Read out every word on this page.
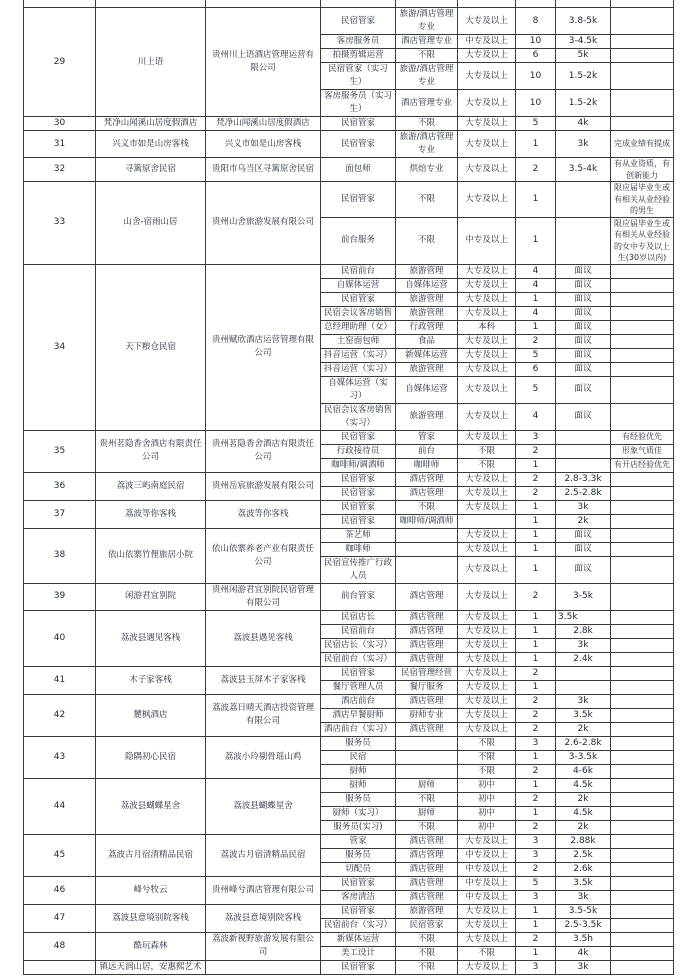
29	川上语	贵州川上语酒店管理运营有限公司	民宿管家	旅游/酒店管理专业	大专及以上	8	3.8-5k	
			客房服务员	酒店管理专业	中专及以上	10	3-4.5k	
			拍摄剪辑运营	不限	大专及以上	6	5k	
			民宿管家（实习生）	旅游/酒店管理专业	大专及以上	10	1.5-2k	
			客房服务员（实习生）	酒店管理专业	大专及以上	10	1.5-2k	
30	梵净山闻溪山居度假酒店	梵净山闻溪山居度假酒店	民宿管家	不限	大专及以上	5	4k	
31	兴义市如是山房客栈	兴义市如是山房客栈	民宿管家	旅游/酒店管理专业	大专及以上	1	3k	完成业绩有提成
32	寻篱原舍民宿	贵阳市乌当区寻篱原舍民宿	面包师	烘焙专业	大专及以上	2	3.5-4k	有从业资质，有创新能力
33	山舍-宿雨山居	贵州山舍旅游发展有限公司	民宿管家	不限	大专及以上	1		限应届毕业生或有相关从业经验的男生
			前台服务	不限	中专及以上	1		限应届毕业生或有相关从业经验的女中专及以上生(30岁以内)
34	天下粮仓民宿	贵州赋欣酒店运营管理有限公司	民宿前台	旅游管理	大专及以上	4	面议	
			自媒体运营	自媒体运营	大专及以上	4	面议	
			民宿管家	旅游管理	大专及以上	1	面议	
			民宿会议客房销售	旅游管理	大专及以上	4	面议	
			总经理助理（女）	行政管理	本科	1	面议	
			土窑面包师	食品	大专及以上	2	面议	
			抖音运营（实习）	新媒体运营	大专及以上	5	面议	
			抖音运营（实习）	旅游管理	大专及以上	6	面议	
			自媒体运营（实习）	自媒体运营	大专及以上	5	面议	
			民宿会议客房销售（实习）	旅游管理	大专及以上	4	面议	
35	贵州茗隐香舍酒店有限责任公司	贵州茗隐香舍酒店有限责任公司	民宿管家	管家	大专及以上	3		有经验优先
			行政接待员	前台	不限	2		形象气质佳
			咖啡师/调酒师	咖啡师	不限	1		有开店经验优先
36	荔波三屿南庭民宿	贵州岳宸旅游发展有限公司	民宿管家	酒店管理	大专及以上	2	2.8-3.3k	
			民宿管家	酒店管理	大专及以上	2	2.5-2.8k	
37	荔波等你客栈	荔波等你客栈	民宿管家	不限	大专及以上	1	3k	
			民宿管家	咖啡师/调酒师		1	2k	
38	依山依寨竹俚旅居小院	依山依寨养老产业有限责任公司	茶艺师		大专及以上	1	面议	
			咖啡师		大专及以上	1	面议	
			民宿宣传推广行政人员		大专及以上	1	面议	
39	闲游君宜别院	贵州闲游君宜别院民宿管理有限公司	前台管家	酒店管理	大专及以上	2	3-5k	
40	荔波县遇见客栈	荔波县遇见客栈	民宿店长	酒店管理	大专及以上	1	3.5k	
			民宿前台	酒店管理	大专及以上	1	2.8k	
			民宿店长（实习）	酒店管理	大专及以上	1	3k	
			民宿前台（实习）	酒店管理	大专及以上	1	2.4k	
41	木子家客栈	荔波县玉屏木子家客栈	民宿管家	民宿管理经营	大专及以上	2		
			餐厅管理人员	餐厅服务	大专及以上	1		
42	麓枫酒店	荔波荔日晴天酒店投资管理有限公司	酒店前台	酒店管理	大专及以上	2	3k	
			酒店早餐厨师	厨师专业	大专及以上	2	3.5k	
			酒店前台（实习）	酒店管理	大专及以上	2	2k	
43	隐隅初心民宿	荔波小玲剔骨瑶山鸡	服务员		不限	3	2.6-2.8k	
			民宿		不限	1	3-3.5k	
			厨师		不限	2	4-6k	
44	荔波县蝴蝶星舍	荔波县蝴蝶星舍	厨师	厨师	初中	1	4.5k	
			服务员	不限	初中	2	2k	
			厨师（实习）	厨师	初中	1	4.5k	
			服务员(实习)	不限	初中	2	2k	
45	荔波古月宿清精品民宿	荔波古月宿清精品民宿	管家	酒店管理	大专及以上	3	2.88k	
			服务员	酒店管理	中专及以上	3	2.5k	
			切配员	酒店管理	中专及以上	2	2.6k	
46	峰兮牧云	贵州峰兮酒店管理有限公司	民宿管家	酒店管理	中专及以上	5	3.5k	
			客房清洁	酒店管理	中专及以上	3	3k	
47	荔波县意境别院客栈	荔波县意境别院客栈	民宿管家	旅游管理	大专及以上	1	3.5-5k	
			民宿前台（实习）	民宿管家	大专及以上	1	2.5-3.5k	
48	酷玩森林	荔波新视野旅游发展有限公司	新媒体运营	不限	大专及以上	2	3.5h	
			美工设计	不限	不限	1	4k	
	镇远天润山居，安惠熙艺术		民宿管家	不限	大专及以上	3	3k	
